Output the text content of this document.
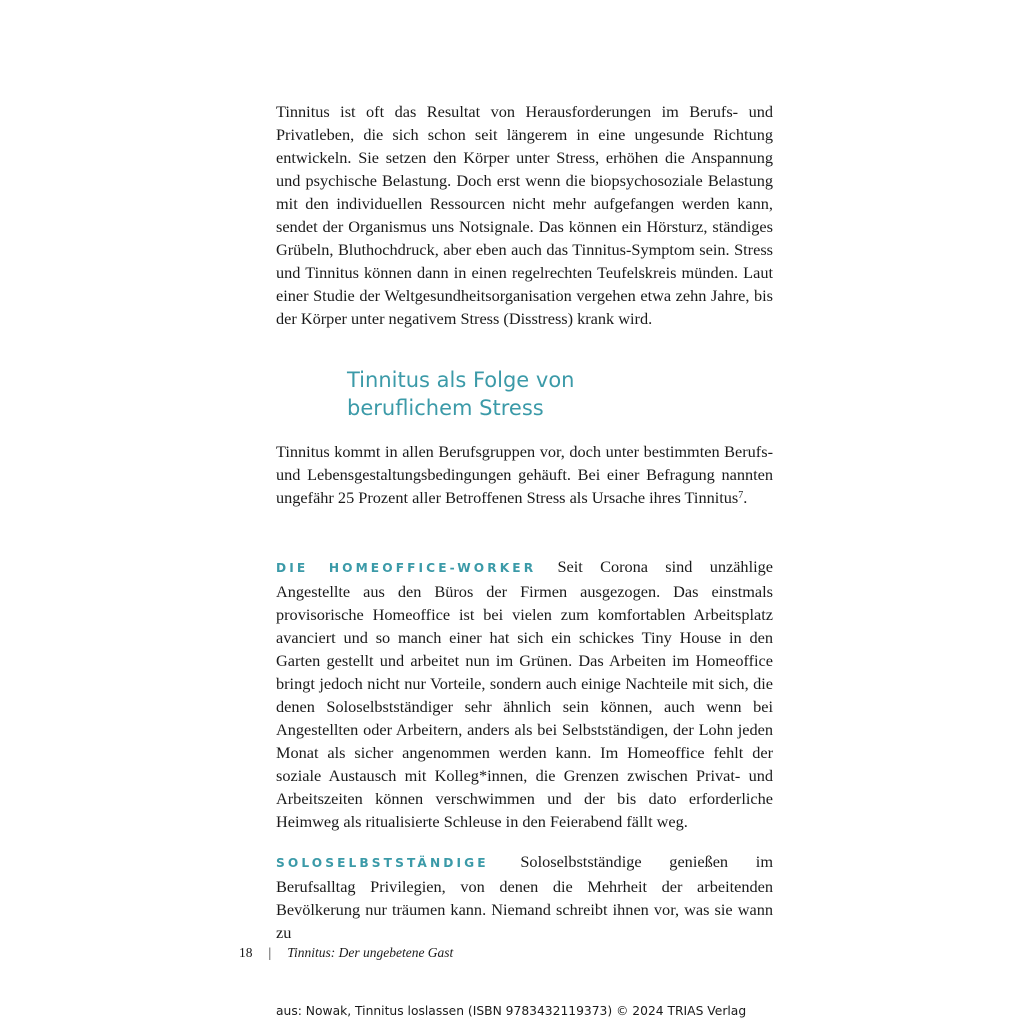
Tinnitus ist oft das Resultat von Herausforderungen im Berufs- und Privatleben, die sich schon seit längerem in eine ungesunde Richtung entwickeln. Sie setzen den Körper unter Stress, erhöhen die Anspannung und psychische Belastung. Doch erst wenn die biopsychosoziale Belastung mit den individuellen Ressourcen nicht mehr aufgefangen werden kann, sendet der Organismus uns Notsignale. Das können ein Hörsturz, ständiges Grübeln, Bluthochdruck, aber eben auch das Tinnitus-Symptom sein. Stress und Tinnitus können dann in einen regelrechten Teufelskreis münden. Laut einer Studie der Weltgesundheitsorganisation vergehen etwa zehn Jahre, bis der Körper unter negativem Stress (Disstress) krank wird.

Tinnitus als Folge von
beruflichem Stress

Tinnitus kommt in allen Berufsgruppen vor, doch unter bestimmten Berufs- und Lebensgestaltungsbedingungen gehäuft. Bei einer Befragung nannten ungefähr 25 Prozent aller Betroffenen Stress als Ursache ihres Tinnitus$^7$.

DIE HOMEOFFICE-WORKER Seit Corona sind unzählige Angestellte aus den Büros der Firmen ausgezogen. Das einstmals provisorische Homeoffice ist bei vielen zum komfortablen Arbeitsplatz avanciert und so manch einer hat sich ein schickes Tiny House in den Garten gestellt und arbeitet nun im Grünen. Das Arbeiten im Homeoffice bringt jedoch nicht nur Vorteile, sondern auch einige Nachteile mit sich, die denen Soloselbstständiger sehr ähnlich sein können, auch wenn bei Angestellten oder Arbeitern, anders als bei Selbstständigen, der Lohn jeden Monat als sicher angenommen werden kann. Im Homeoffice fehlt der soziale Austausch mit Kolleg*innen, die Grenzen zwischen Privat- und Arbeitszeiten können verschwimmen und der bis dato erforderliche Heimweg als ritualisierte Schleuse in den Feierabend fällt weg.

SOLOSELBSTSTÄNDIGE Soloselbstständige genießen im Berufsalltag Privilegien, von denen die Mehrheit der arbeitenden Bevölkerung nur träumen kann. Niemand schreibt ihnen vor, was sie wann zu

18 | Tinnitus: Der ungebetene Gast
aus: Nowak, Tinnitus loslassen (ISBN 9783432119373) © 2024 TRIAS Verlag
